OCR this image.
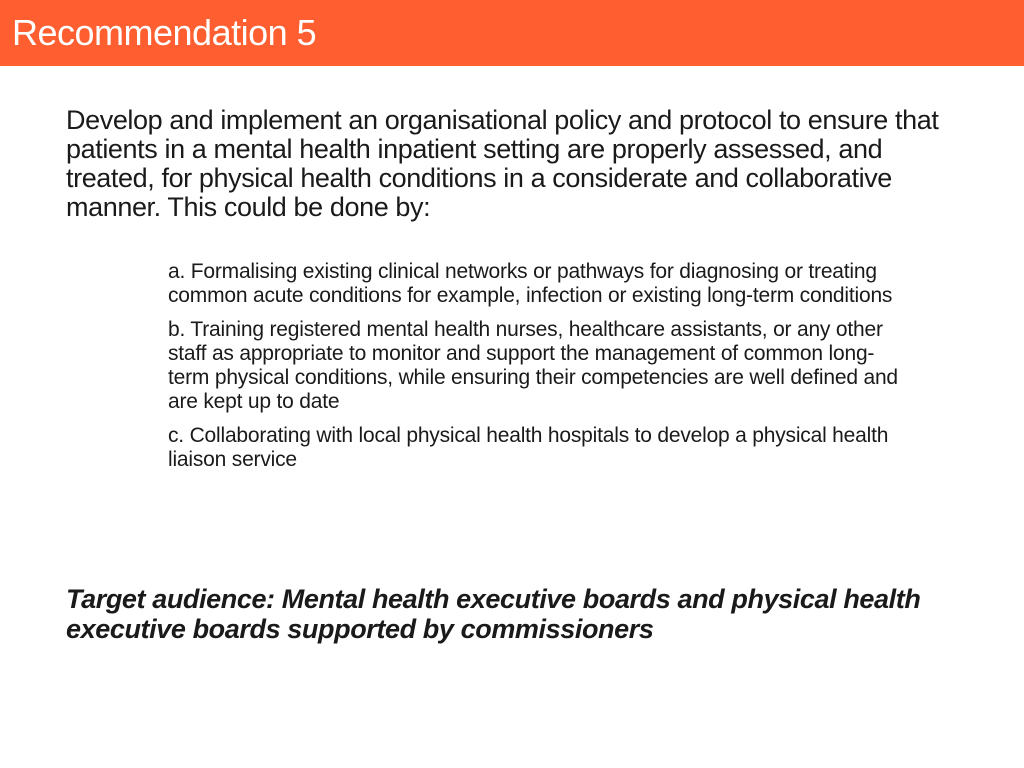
Recommendation 5

Develop and implement an organisational policy and protocol to ensure that patients in a mental health inpatient setting are properly assessed, and treated, for physical health conditions in a considerate and collaborative manner. This could be done by:

a. Formalising existing clinical networks or pathways for diagnosing or treating common acute conditions for example, infection or existing long-term conditions
b. Training registered mental health nurses, healthcare assistants, or any other staff as appropriate to monitor and support the management of common long-term physical conditions, while ensuring their competencies are well defined and are kept up to date
c. Collaborating with local physical health hospitals to develop a physical health liaison service

Target audience: Mental health executive boards and physical health executive boards supported by commissioners
